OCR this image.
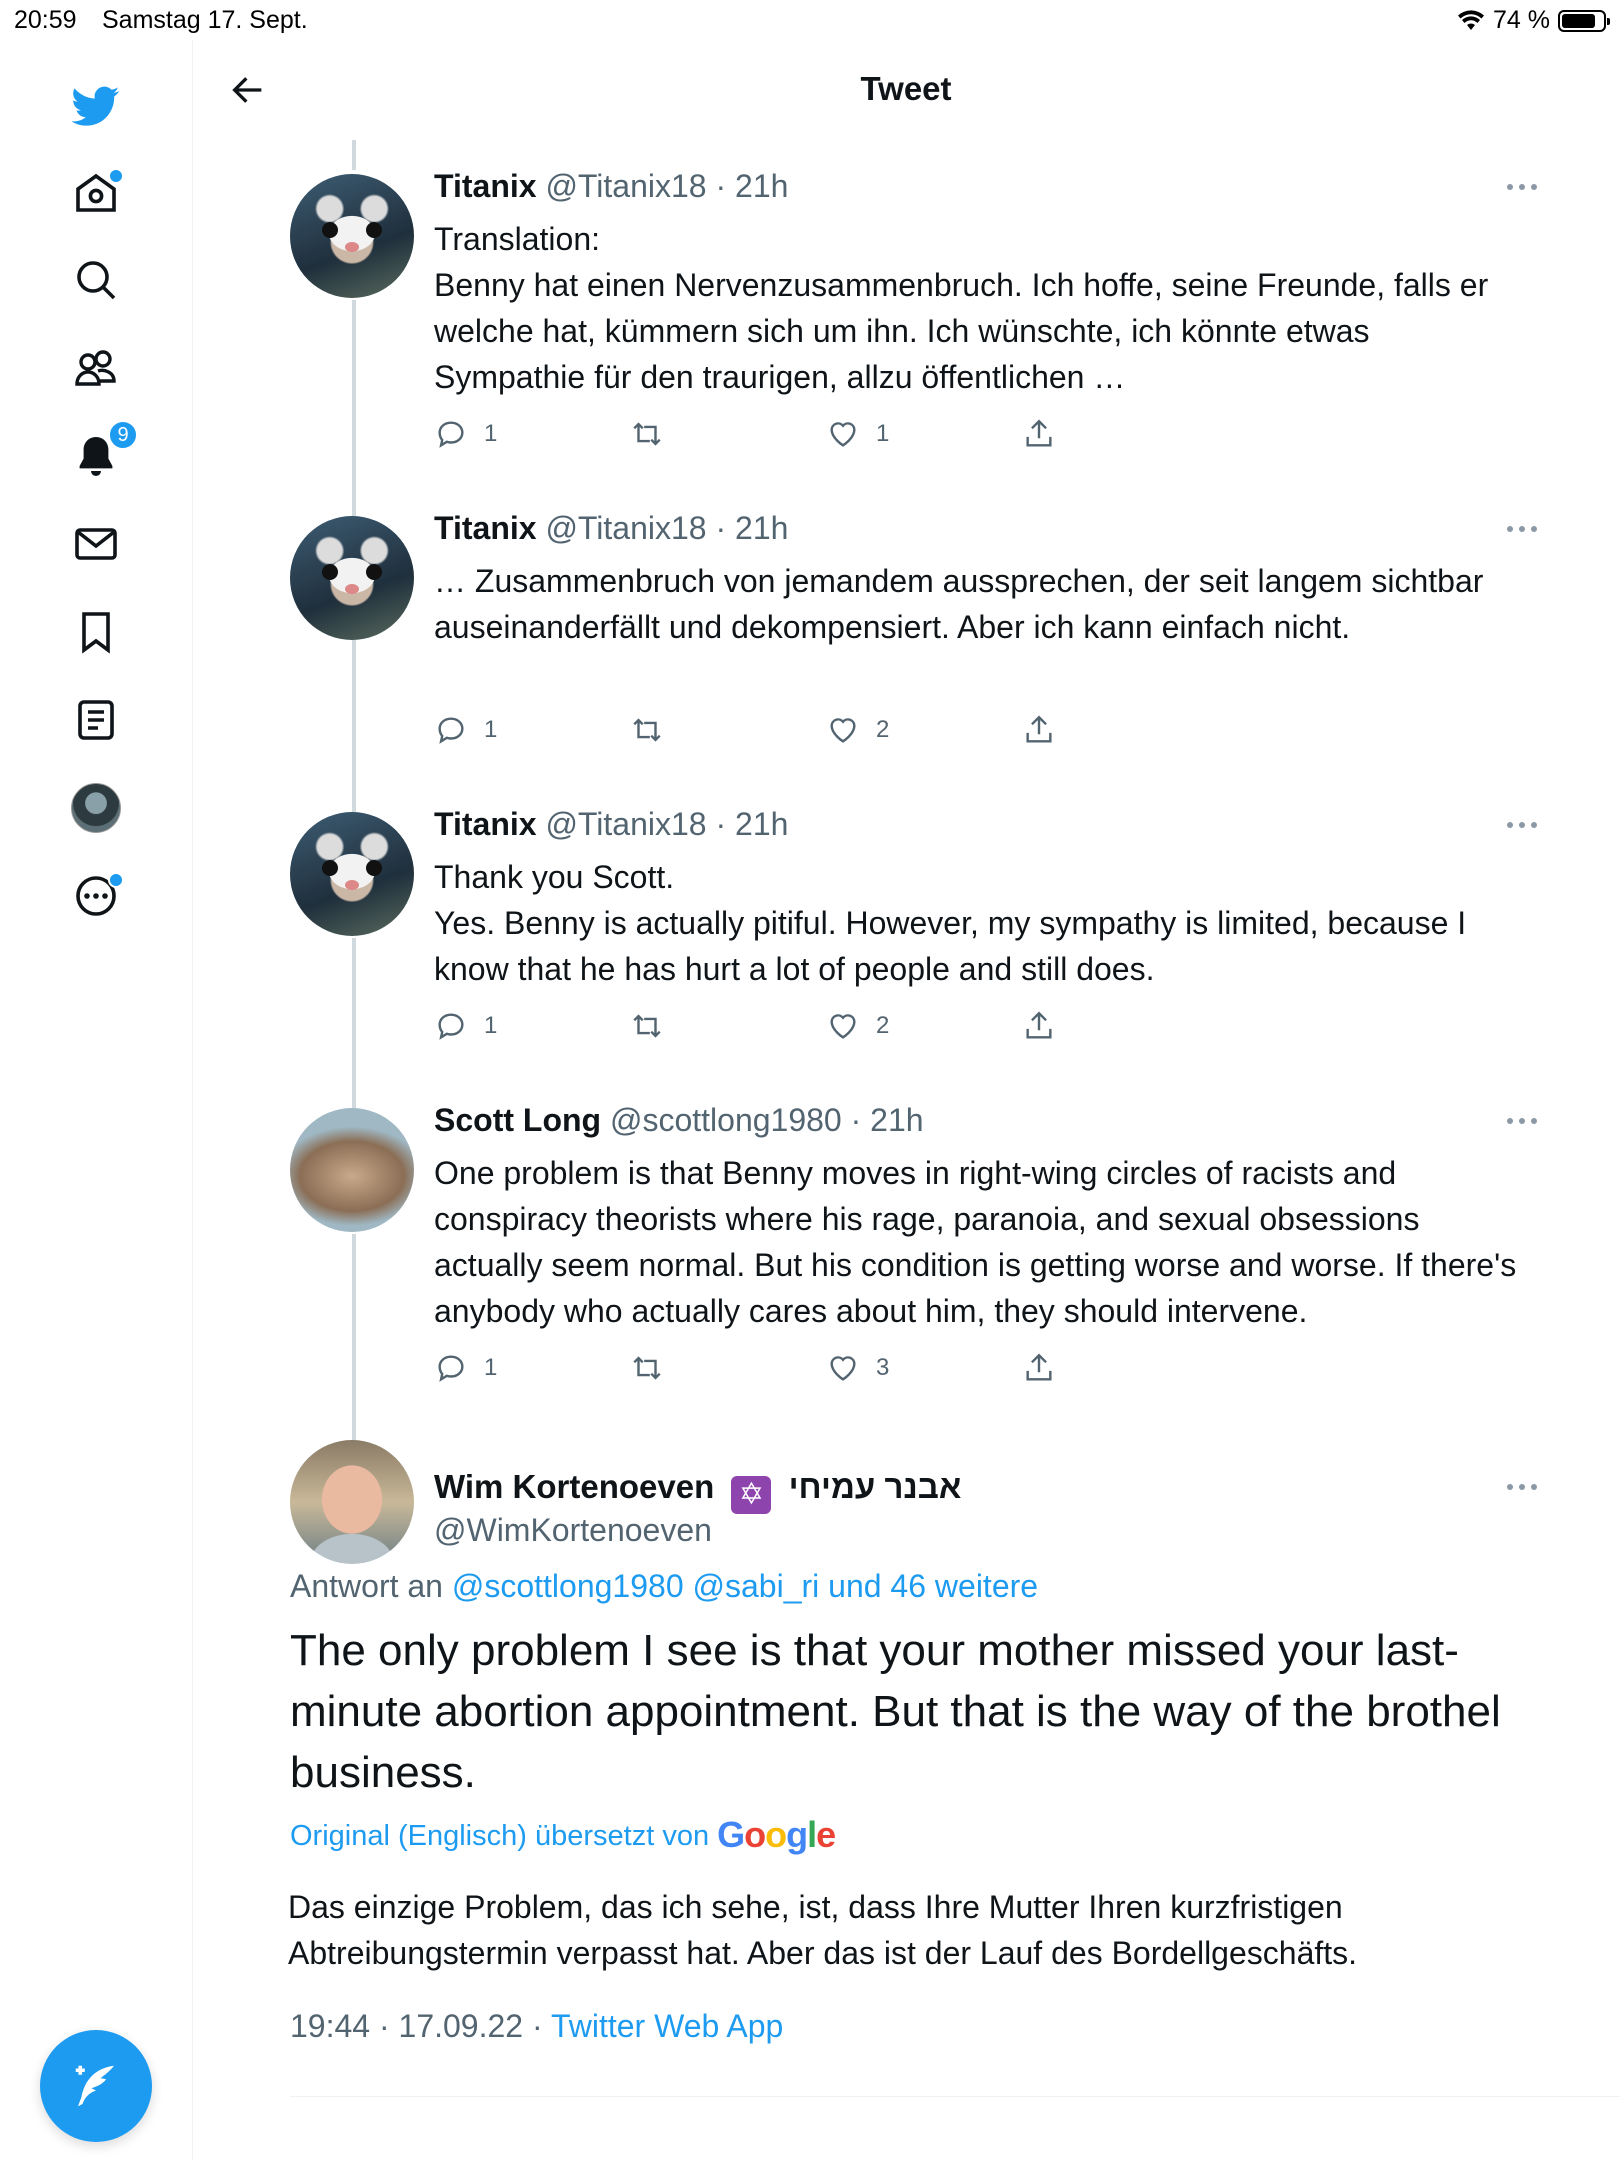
20:59 Samstag 17. Sept.	74 %
9
Tweet
Titanix @Titanix18 · 21h
Translation:
Benny hat einen Nervenzusammenbruch. Ich hoffe, seine Freunde, falls er welche hat, kümmern sich um ihn. Ich wünschte, ich könnte etwas Sympathie für den traurigen, allzu öffentlichen …
1	1
Titanix @Titanix18 · 21h
… Zusammenbruch von jemandem aussprechen, der seit langem sichtbar auseinanderfällt und dekompensiert. Aber ich kann einfach nicht.
1	2
Titanix @Titanix18 · 21h
Thank you Scott.
Yes. Benny is actually pitiful. However, my sympathy is limited, because I know that he has hurt a lot of people and still does.
1	2
Scott Long @scottlong1980 · 21h
One problem is that Benny moves in right-wing circles of racists and conspiracy theorists where his rage, paranoia, and sexual obsessions actually seem normal. But his condition is getting worse and worse. If there's anybody who actually cares about him, they should intervene.
1	3
Wim Kortenoeven ✡ אבנר עמיחי
@WimKortenoeven
Antwort an @scottlong1980 @sabi_ri und 46 weitere
The only problem I see is that your mother missed your last-minute abortion appointment. But that is the way of the brothel business.
Original (Englisch) übersetzt von Google
Das einzige Problem, das ich sehe, ist, dass Ihre Mutter Ihren kurzfristigen Abtreibungstermin verpasst hat. Aber das ist der Lauf des Bordellgeschäfts.
19:44 · 17.09.22 · Twitter Web App
